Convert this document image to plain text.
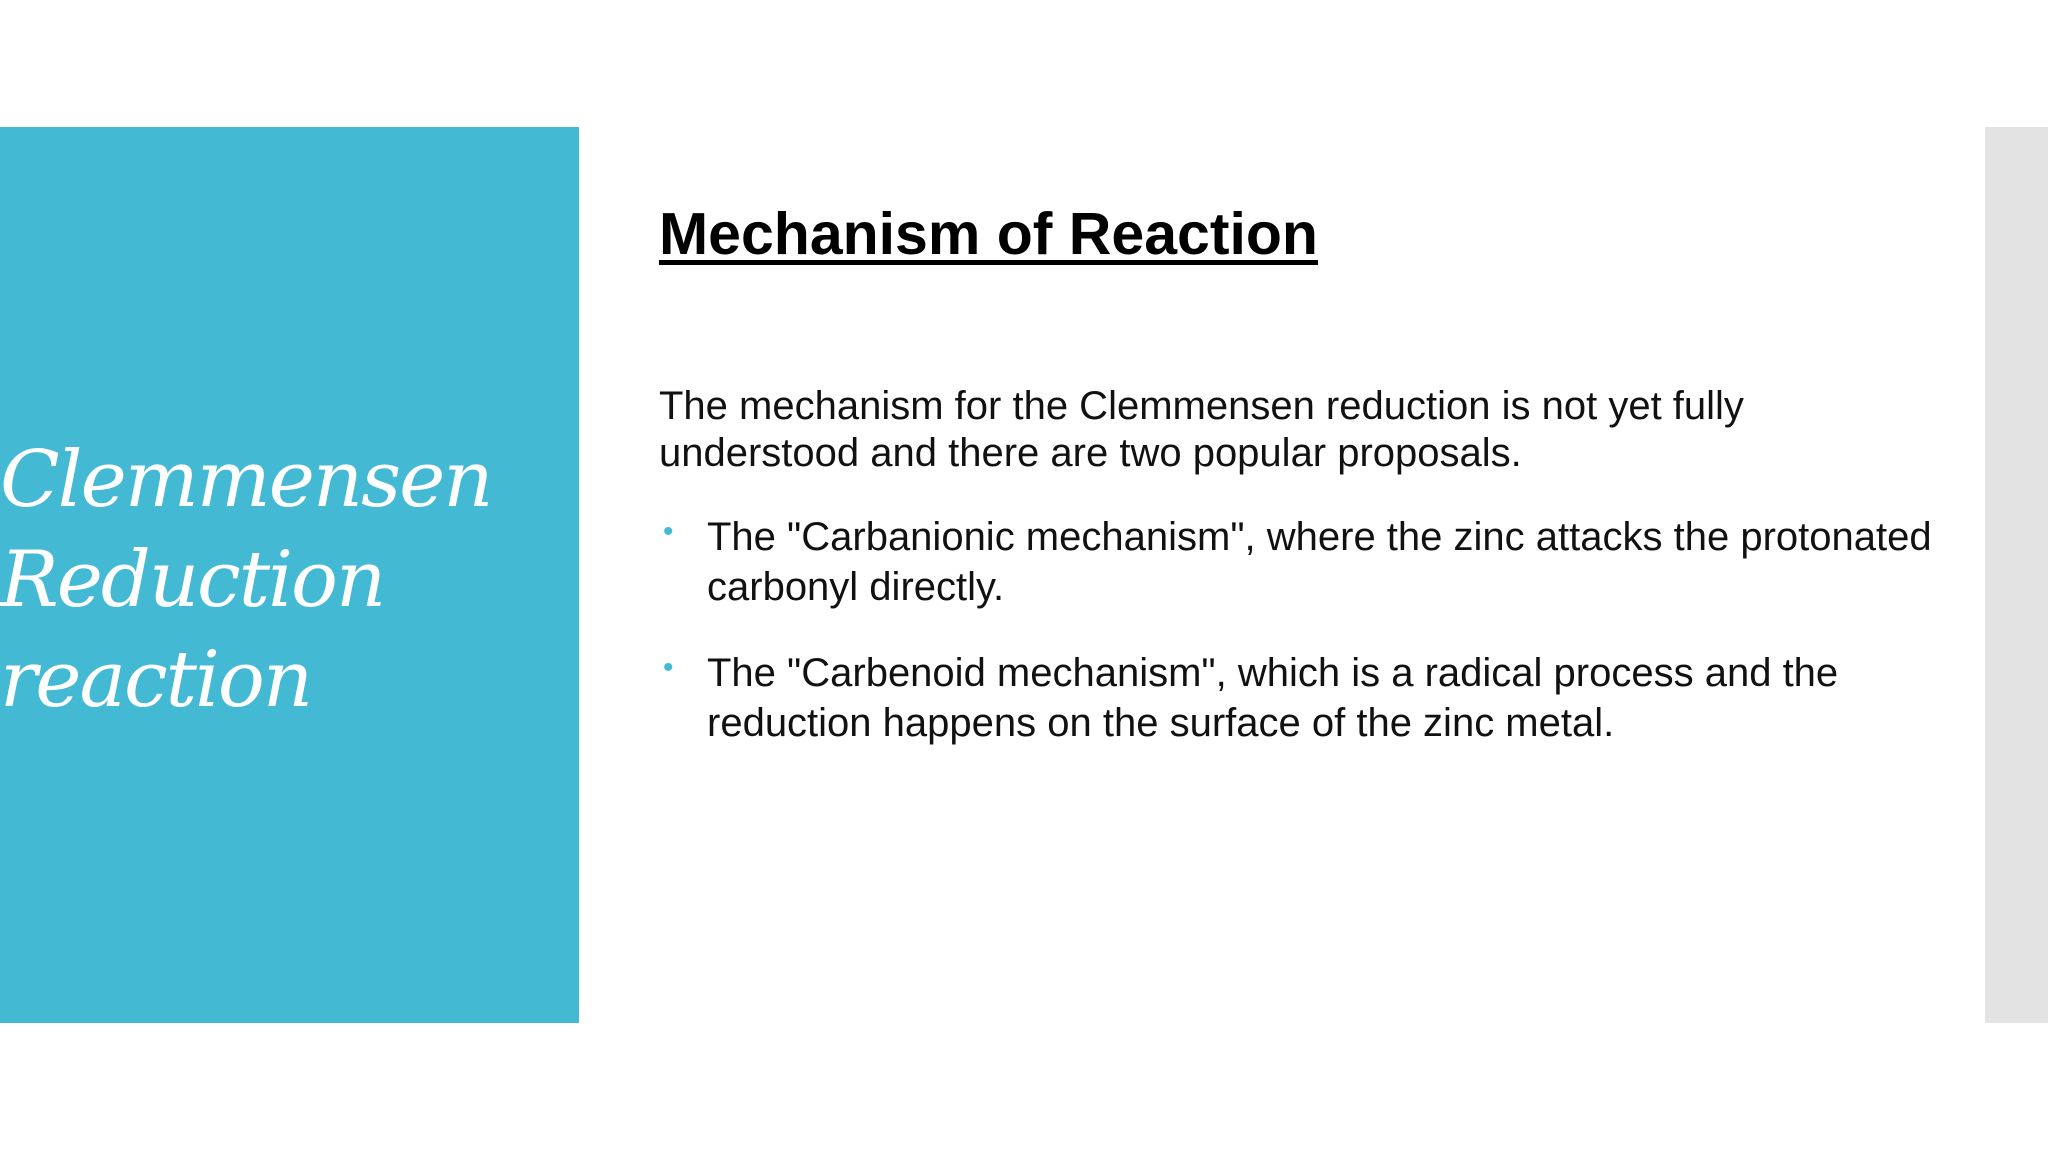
Clemmensen
Reduction
reaction
Mechanism of Reaction
The mechanism for the Clemmensen reduction is not yet fully understood and there are two popular proposals.
• The "Carbanionic mechanism", where the zinc attacks the protonated carbonyl directly.
• The "Carbenoid mechanism", which is a radical process and the reduction happens on the surface of the zinc metal.
